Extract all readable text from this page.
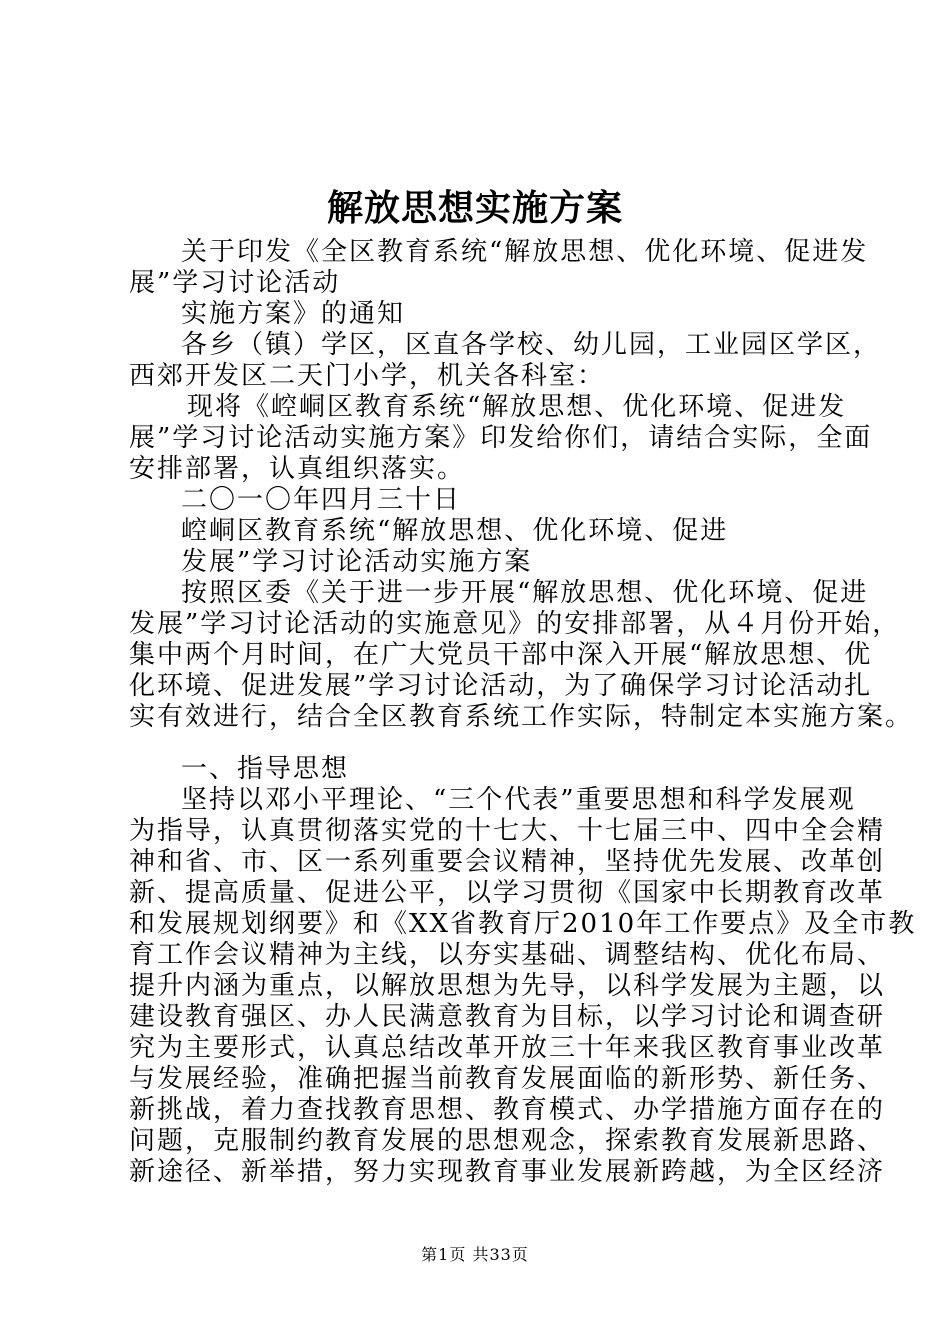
解放思想实施方案
关于印发《全区教育系统“解放思想、优化环境、促进发
展”学习讨论活动
实施方案》的通知
各乡（镇）学区，区直各学校、幼儿园，工业园区学区，
西郊开发区二天门小学，机关各科室：
现将《崆峒区教育系统“解放思想、优化环境、促进发
展”学习讨论活动实施方案》印发给你们，请结合实际，全面
安排部署，认真组织落实。
二〇一〇年四月三十日
崆峒区教育系统“解放思想、优化环境、促进
发展”学习讨论活动实施方案
按照区委《关于进一步开展“解放思想、优化环境、促进
发展”学习讨论活动的实施意见》的安排部署，从４月份开始，
集中两个月时间，在广大党员干部中深入开展“解放思想、优
化环境、促进发展”学习讨论活动，为了确保学习讨论活动扎
实有效进行，结合全区教育系统工作实际，特制定本实施方案。
一、指导思想
坚持以邓小平理论、“三个代表”重要思想和科学发展观
为指导，认真贯彻落实党的十七大、十七届三中、四中全会精
神和省、市、区一系列重要会议精神，坚持优先发展、改革创
新、提高质量、促进公平，以学习贯彻《国家中长期教育改革
和发展规划纲要》和《XX省教育厅2010年工作要点》及全市教
育工作会议精神为主线，以夯实基础、调整结构、优化布局、
提升内涵为重点，以解放思想为先导，以科学发展为主题，以
建设教育强区、办人民满意教育为目标，以学习讨论和调查研
究为主要形式，认真总结改革开放三十年来我区教育事业改革
与发展经验，准确把握当前教育发展面临的新形势、新任务、
新挑战，着力查找教育思想、教育模式、办学措施方面存在的
问题，克服制约教育发展的思想观念，探索教育发展新思路、
新途径、新举措，努力实现教育事业发展新跨越，为全区经济
第1页 共33页
